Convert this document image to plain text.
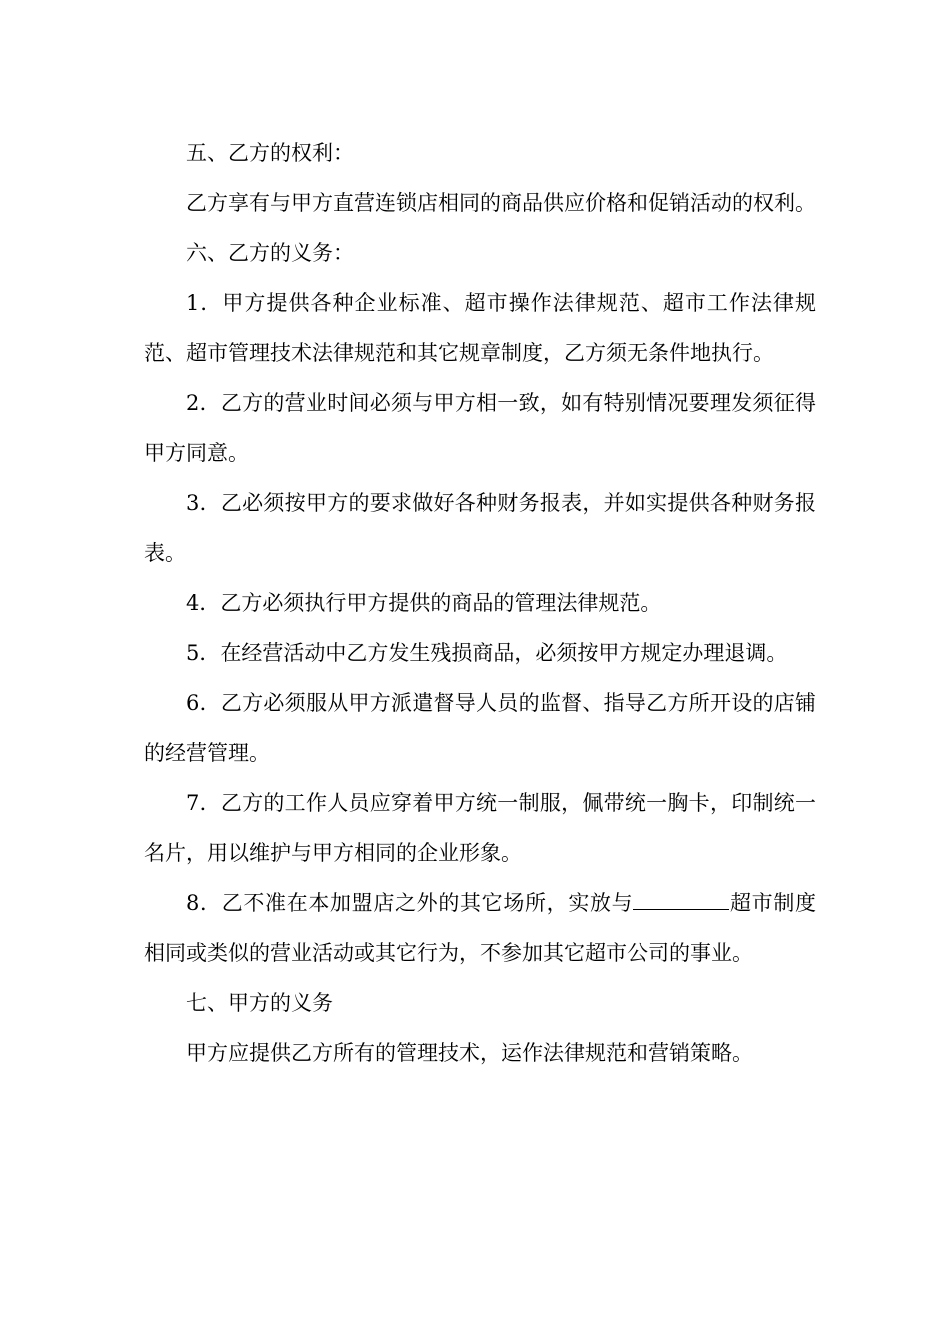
五、乙方的权利：

乙方享有与甲方直营连锁店相同的商品供应价格和促销活动的权利。

六、乙方的义务：

1．甲方提供各种企业标准、超市操作法律规范、超市工作法律规范、超市管理技术法律规范和其它规章制度，乙方须无条件地执行。

2．乙方的营业时间必须与甲方相一致，如有特别情况要理发须征得甲方同意。

3．乙必须按甲方的要求做好各种财务报表，并如实提供各种财务报表。

4．乙方必须执行甲方提供的商品的管理法律规范。

5．在经营活动中乙方发生残损商品，必须按甲方规定办理退调。

6．乙方必须服从甲方派遣督导人员的监督、指导乙方所开设的店铺的经营管理。

7．乙方的工作人员应穿着甲方统一制服，佩带统一胸卡，印制统一名片，用以维护与甲方相同的企业形象。

8．乙不准在本加盟店之外的其它场所，实放与	超市制度相同或类似的营业活动或其它行为，不参加其它超市公司的事业。

七、甲方的义务

甲方应提供乙方所有的管理技术，运作法律规范和营销策略。
